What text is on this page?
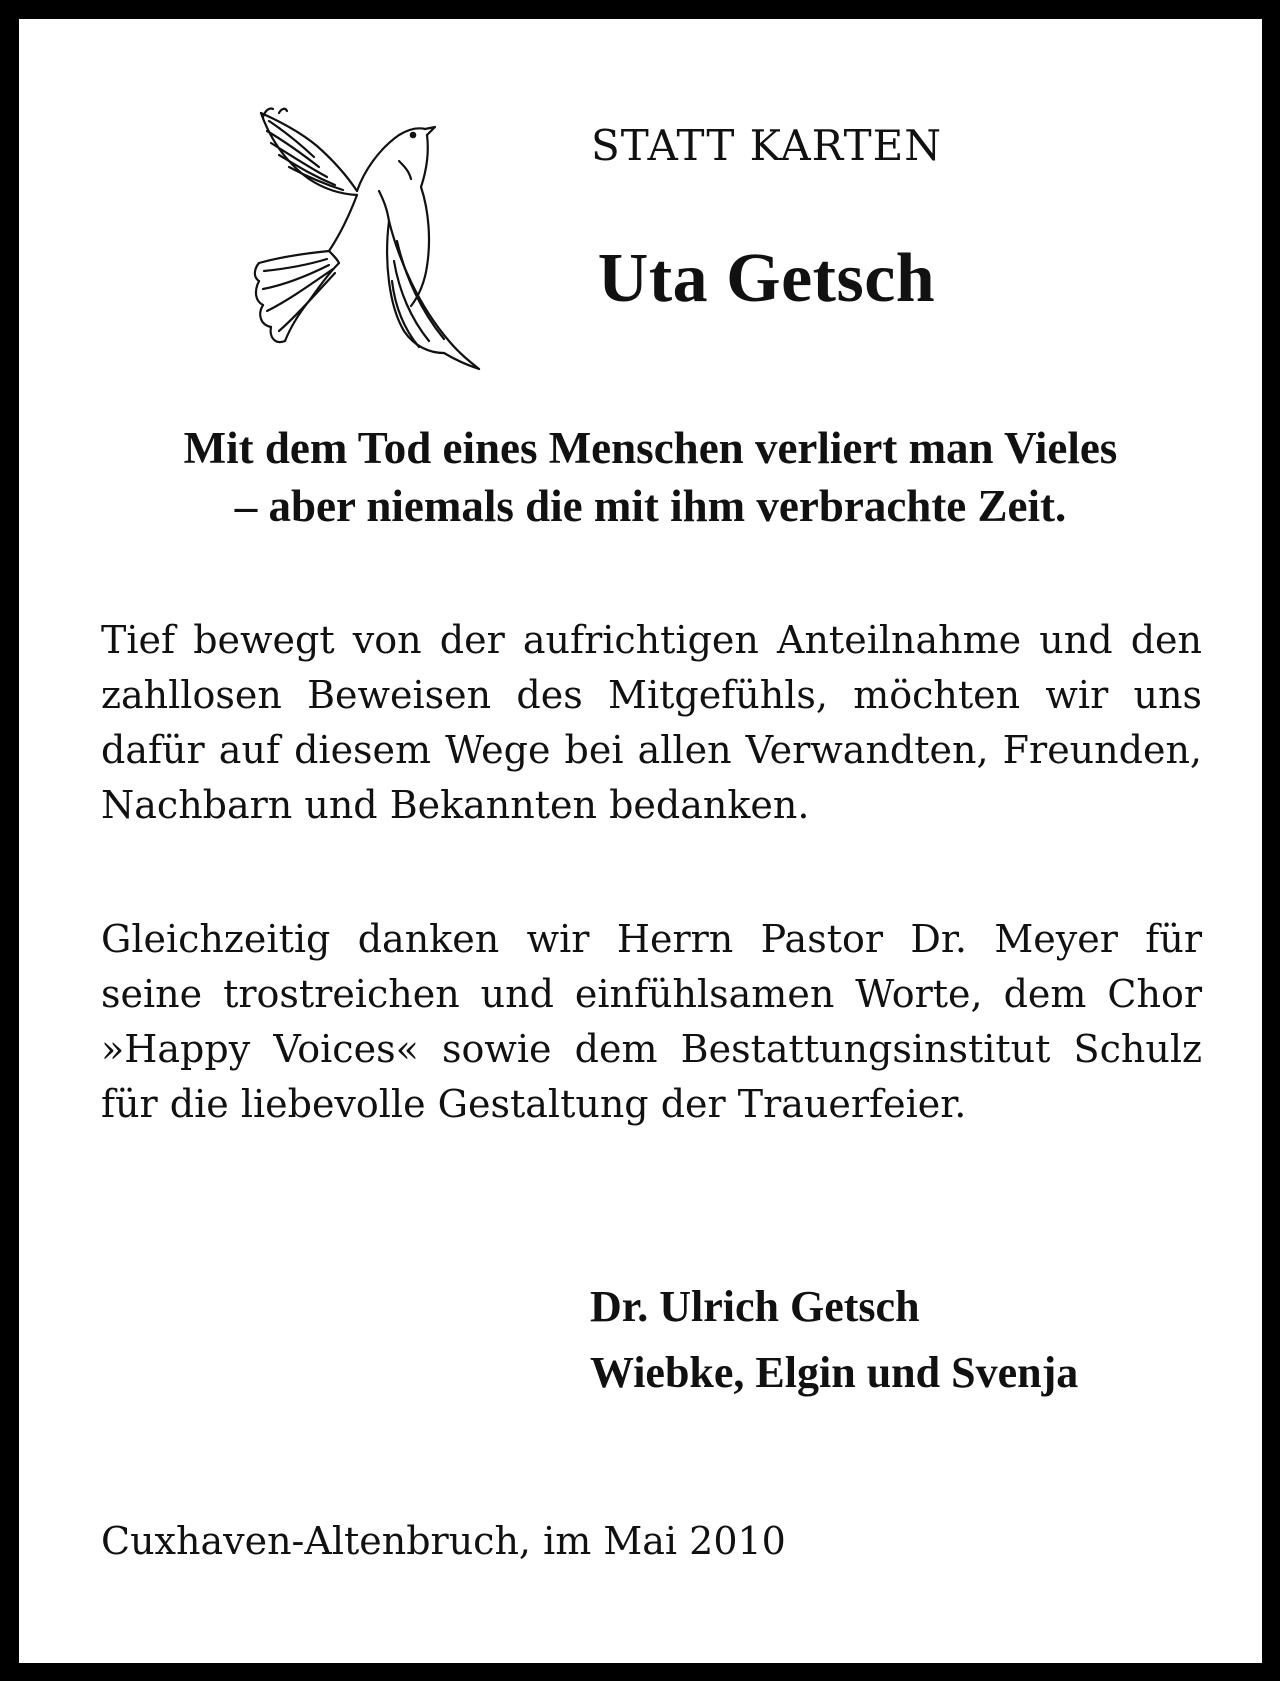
STATT KARTEN
Uta Getsch
Mit dem Tod eines Menschen verliert man Vieles
– aber niemals die mit ihm verbrachte Zeit.
Tief bewegt von der aufrichtigen Anteilnahme und den zahllosen Beweisen des Mitgefühls, möchten wir uns dafür auf diesem Wege bei allen Verwandten, Freunden, Nachbarn und Bekannten bedanken.
Gleichzeitig danken wir Herrn Pastor Dr. Meyer für seine trostreichen und einfühlsamen Worte, dem Chor »Happy Voices« sowie dem Bestattungsinstitut Schulz für die liebevolle Gestaltung der Trauerfeier.
Dr. Ulrich Getsch
Wiebke, Elgin und Svenja
Cuxhaven-Altenbruch, im Mai 2010
